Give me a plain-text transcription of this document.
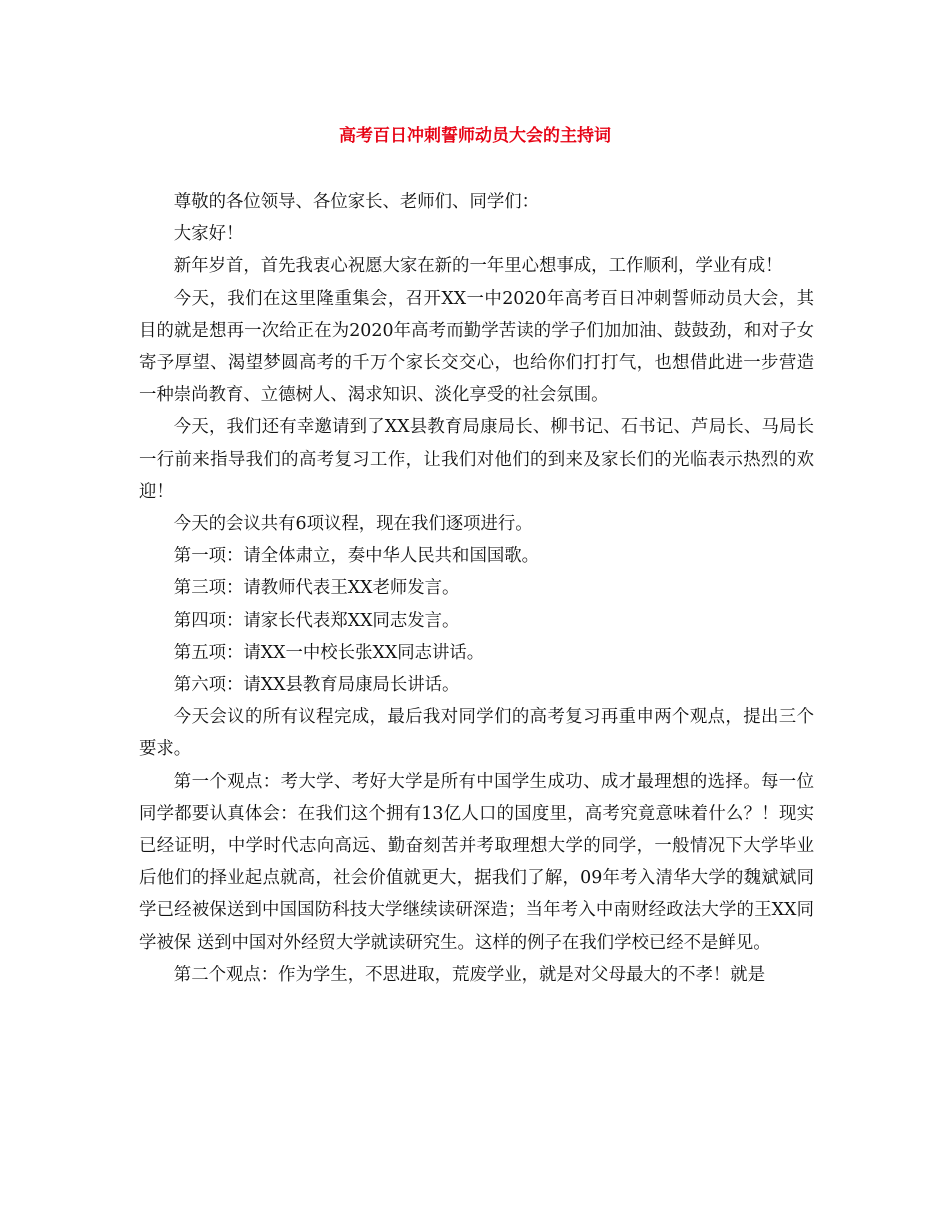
高考百日冲刺誓师动员大会的主持词

尊敬的各位领导、各位家长、老师们、同学们：

大家好！

新年岁首，首先我衷心祝愿大家在新的一年里心想事成，工作顺利，学业有成！

今天，我们在这里隆重集会，召开XX一中2020年高考百日冲刺誓师动员大会，其目的就是想再一次给正在为2020年高考而勤学苦读的学子们加加油、鼓鼓劲，和对子女寄予厚望、渴望梦圆高考的千万个家长交交心，也给你们打打气，也想借此进一步营造一种崇尚教育、立德树人、渴求知识、淡化享受的社会氛围。

今天，我们还有幸邀请到了XX县教育局康局长、柳书记、石书记、芦局长、马局长一行前来指导我们的高考复习工作，让我们对他们的到来及家长们的光临表示热烈的欢迎！

今天的会议共有6项议程，现在我们逐项进行。

第一项：请全体肃立，奏中华人民共和国国歌。

第三项：请教师代表王XX老师发言。

第四项：请家长代表郑XX同志发言。

第五项：请XX一中校长张XX同志讲话。

第六项：请XX县教育局康局长讲话。

今天会议的所有议程完成，最后我对同学们的高考复习再重申两个观点，提出三个要求。

第一个观点：考大学、考好大学是所有中国学生成功、成才最理想的选择。每一位同学都要认真体会：在我们这个拥有13亿人口的国度里，高考究竟意味着什么？！现实已经证明，中学时代志向高远、勤奋刻苦并考取理想大学的同学，一般情况下大学毕业后他们的择业起点就高，社会价值就更大，据我们了解，09年考入清华大学的魏斌斌同学已经被保送到中国国防科技大学继续读研深造；当年考入中南财经政法大学的王XX同学被保 送到中国对外经贸大学就读研究生。这样的例子在我们学校已经不是鲜见。

第二个观点：作为学生，不思进取，荒废学业，就是对父母最大的不孝！就是
